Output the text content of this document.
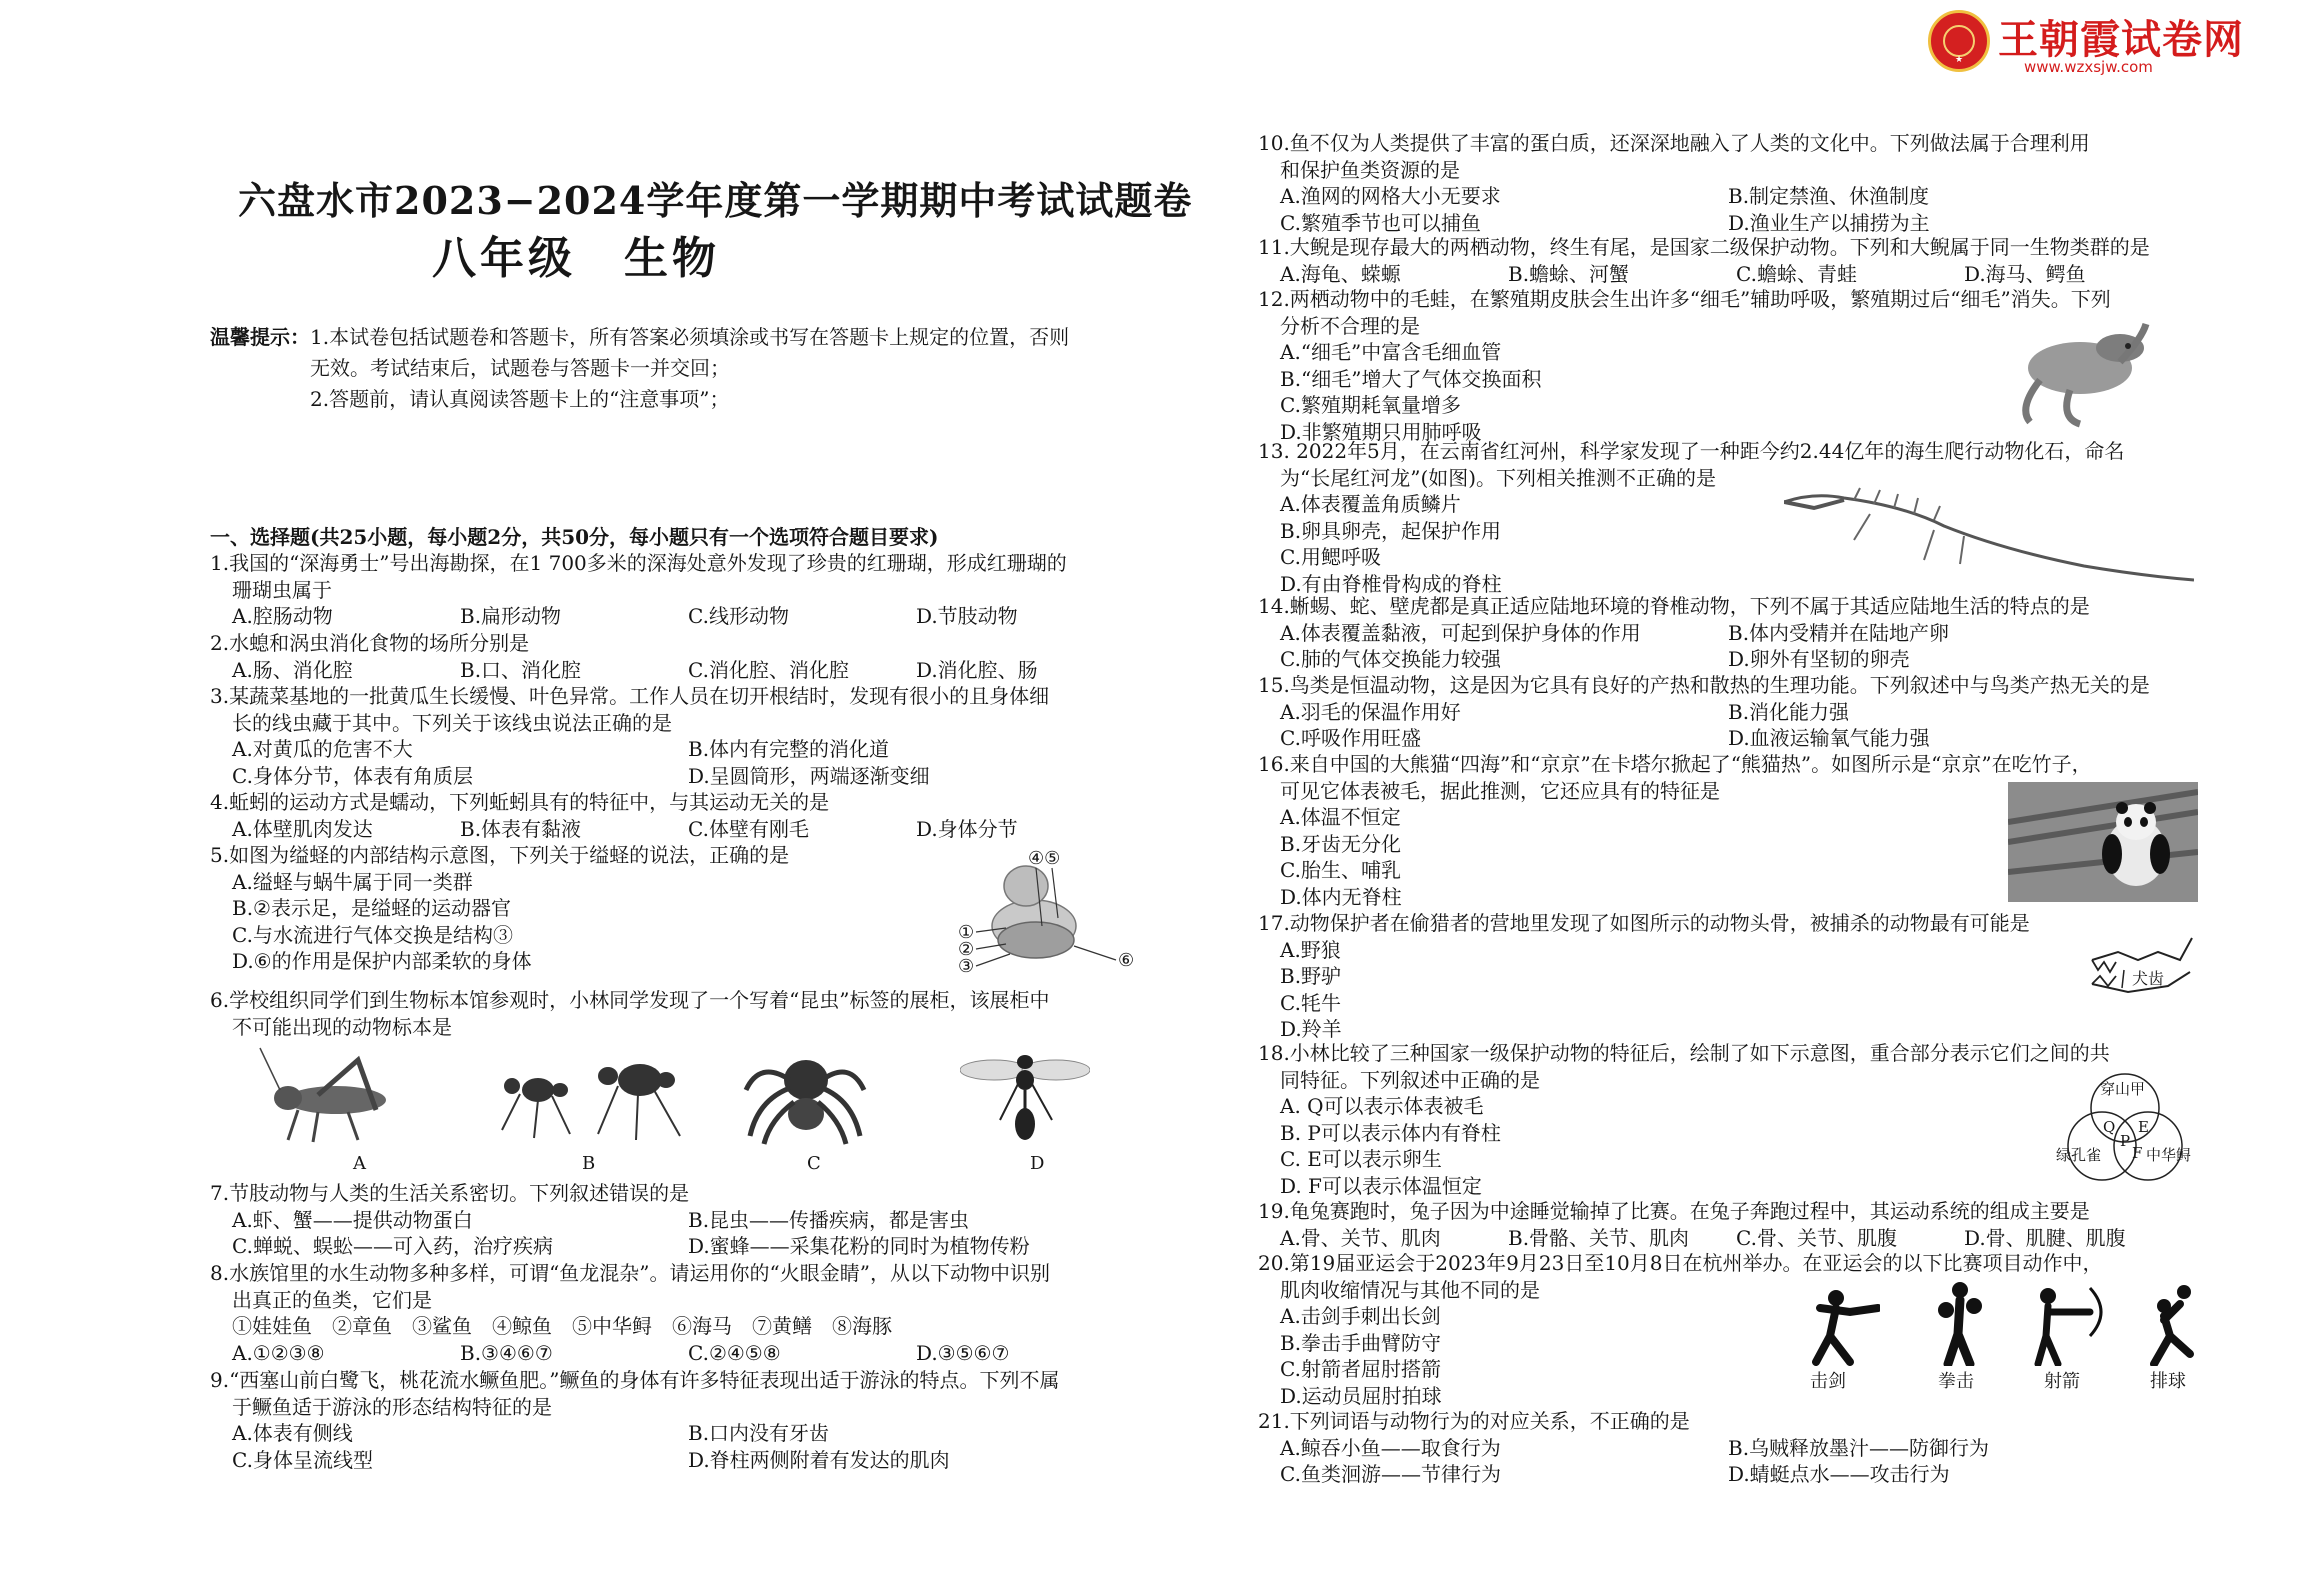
★ 王朝霞试卷网
www.wzxsjw.com
六盘水市2023−2024学年度第一学期期中考试试题卷
八年级　生物
温馨提示：1.本试卷包括试题卷和答题卡，所有答案必须填涂或书写在答题卡上规定的位置，否则
无效。考试结束后，试题卷与答题卡一并交回；
2.答题前，请认真阅读答题卡上的“注意事项”；
一、选择题(共25小题，每小题2分，共50分，每小题只有一个选项符合题目要求)
1.我国的“深海勇士”号出海勘探，在1 700多米的深海处意外发现了珍贵的红珊瑚，形成红珊瑚的
珊瑚虫属于
A.腔肠动物	B.扁形动物	C.线形动物	D.节肢动物
2.水螅和涡虫消化食物的场所分别是
A.肠、消化腔	B.口、消化腔	C.消化腔、消化腔	D.消化腔、肠
3.某蔬菜基地的一批黄瓜生长缓慢、叶色异常。工作人员在切开根结时，发现有很小的且身体细
长的线虫藏于其中。下列关于该线虫说法正确的是
A.对黄瓜的危害不大	B.体内有完整的消化道
C.身体分节，体表有角质层	D.呈圆筒形，两端逐渐变细
4.蚯蚓的运动方式是蠕动，下列蚯蚓具有的特征中，与其运动无关的是
A.体壁肌肉发达	B.体表有黏液	C.体壁有刚毛	D.身体分节
5.如图为缢蛏的内部结构示意图，下列关于缢蛏的说法，正确的是
A.缢蛏与蜗牛属于同一类群
B.②表示足，是缢蛏的运动器官
C.与水流进行气体交换是结构③
D.⑥的作用是保护内部柔软的身体
④⑤
①
②
③	⑥
6.学校组织同学们到生物标本馆参观时，小林同学发现了一个写着“昆虫”标签的展柜，该展柜中
不可能出现的动物标本是
A	B	C	D
7.节肢动物与人类的生活关系密切。下列叙述错误的是
A.虾、蟹——提供动物蛋白	B.昆虫——传播疾病，都是害虫
C.蝉蜕、蜈蚣——可入药，治疗疾病	D.蜜蜂——采集花粉的同时为植物传粉
8.水族馆里的水生动物多种多样，可谓“鱼龙混杂”。请运用你的“火眼金睛”，从以下动物中识别
出真正的鱼类，它们是
①娃娃鱼　②章鱼　③鲨鱼　④鲸鱼　⑤中华鲟　⑥海马　⑦黄鳝　⑧海豚
A.①②③⑧	B.③④⑥⑦	C.②④⑤⑧	D.③⑤⑥⑦
9.“西塞山前白鹭飞，桃花流水鳜鱼肥。”鳜鱼的身体有许多特征表现出适于游泳的特点。下列不属
于鳜鱼适于游泳的形态结构特征的是
A.体表有侧线	B.口内没有牙齿
C.身体呈流线型	D.脊柱两侧附着有发达的肌肉
10.鱼不仅为人类提供了丰富的蛋白质，还深深地融入了人类的文化中。下列做法属于合理利用
和保护鱼类资源的是
A.渔网的网格大小无要求	B.制定禁渔、休渔制度
C.繁殖季节也可以捕鱼	D.渔业生产以捕捞为主
11.大鲵是现存最大的两栖动物，终生有尾，是国家二级保护动物。下列和大鲵属于同一生物类群的是
A.海龟、蝾螈	B.蟾蜍、河蟹	C.蟾蜍、青蛙	D.海马、鳄鱼
12.两栖动物中的毛蛙，在繁殖期皮肤会生出许多“细毛”辅助呼吸，繁殖期过后“细毛”消失。下列
分析不合理的是
A.“细毛”中富含毛细血管
B.“细毛”增大了气体交换面积
C.繁殖期耗氧量增多
D.非繁殖期只用肺呼吸
13. 2022年5月，在云南省红河州，科学家发现了一种距今约2.44亿年的海生爬行动物化石，命名
为“长尾红河龙”(如图)。下列相关推测不正确的是
A.体表覆盖角质鳞片
B.卵具卵壳，起保护作用
C.用鳃呼吸
D.有由脊椎骨构成的脊柱
14.蜥蜴、蛇、壁虎都是真正适应陆地环境的脊椎动物，下列不属于其适应陆地生活的特点的是
A.体表覆盖黏液，可起到保护身体的作用	B.体内受精并在陆地产卵
C.肺的气体交换能力较强	D.卵外有坚韧的卵壳
15.鸟类是恒温动物，这是因为它具有良好的产热和散热的生理功能。下列叙述中与鸟类产热无关的是
A.羽毛的保温作用好	B.消化能力强
C.呼吸作用旺盛	D.血液运输氧气能力强
16.来自中国的大熊猫“四海”和“京京”在卡塔尔掀起了“熊猫热”。如图所示是“京京”在吃竹子，
可见它体表被毛，据此推测，它还应具有的特征是
A.体温不恒定
B.牙齿无分化
C.胎生、哺乳
D.体内无脊柱
17.动物保护者在偷猎者的营地里发现了如图所示的动物头骨，被捕杀的动物最有可能是
A.野狼
B.野驴
C.牦牛
D.羚羊
犬齿
18.小林比较了三种国家一级保护动物的特征后，绘制了如下示意图，重合部分表示它们之间的共
同特征。下列叙述中正确的是
A. Q可以表示体表被毛
B. P可以表示体内有脊柱
C. E可以表示卵生
D. F可以表示体温恒定
穿山甲
绿孔雀	中华鲟
Q E
P
F
19.龟兔赛跑时，兔子因为中途睡觉输掉了比赛。在兔子奔跑过程中，其运动系统的组成主要是
A.骨、关节、肌肉	B.骨骼、关节、肌肉	C.骨、关节、肌腹	D.骨、肌腱、肌腹
20.第19届亚运会于2023年9月23日至10月8日在杭州举办。在亚运会的以下比赛项目动作中，
肌肉收缩情况与其他不同的是
A.击剑手刺出长剑
B.拳击手曲臂防守
C.射箭者屈肘搭箭
D.运动员屈肘拍球
击剑	拳击	射箭	排球
21.下列词语与动物行为的对应关系，不正确的是
A.鲸吞小鱼——取食行为	B.乌贼释放墨汁——防御行为
C.鱼类洄游——节律行为	D.蜻蜓点水——攻击行为
